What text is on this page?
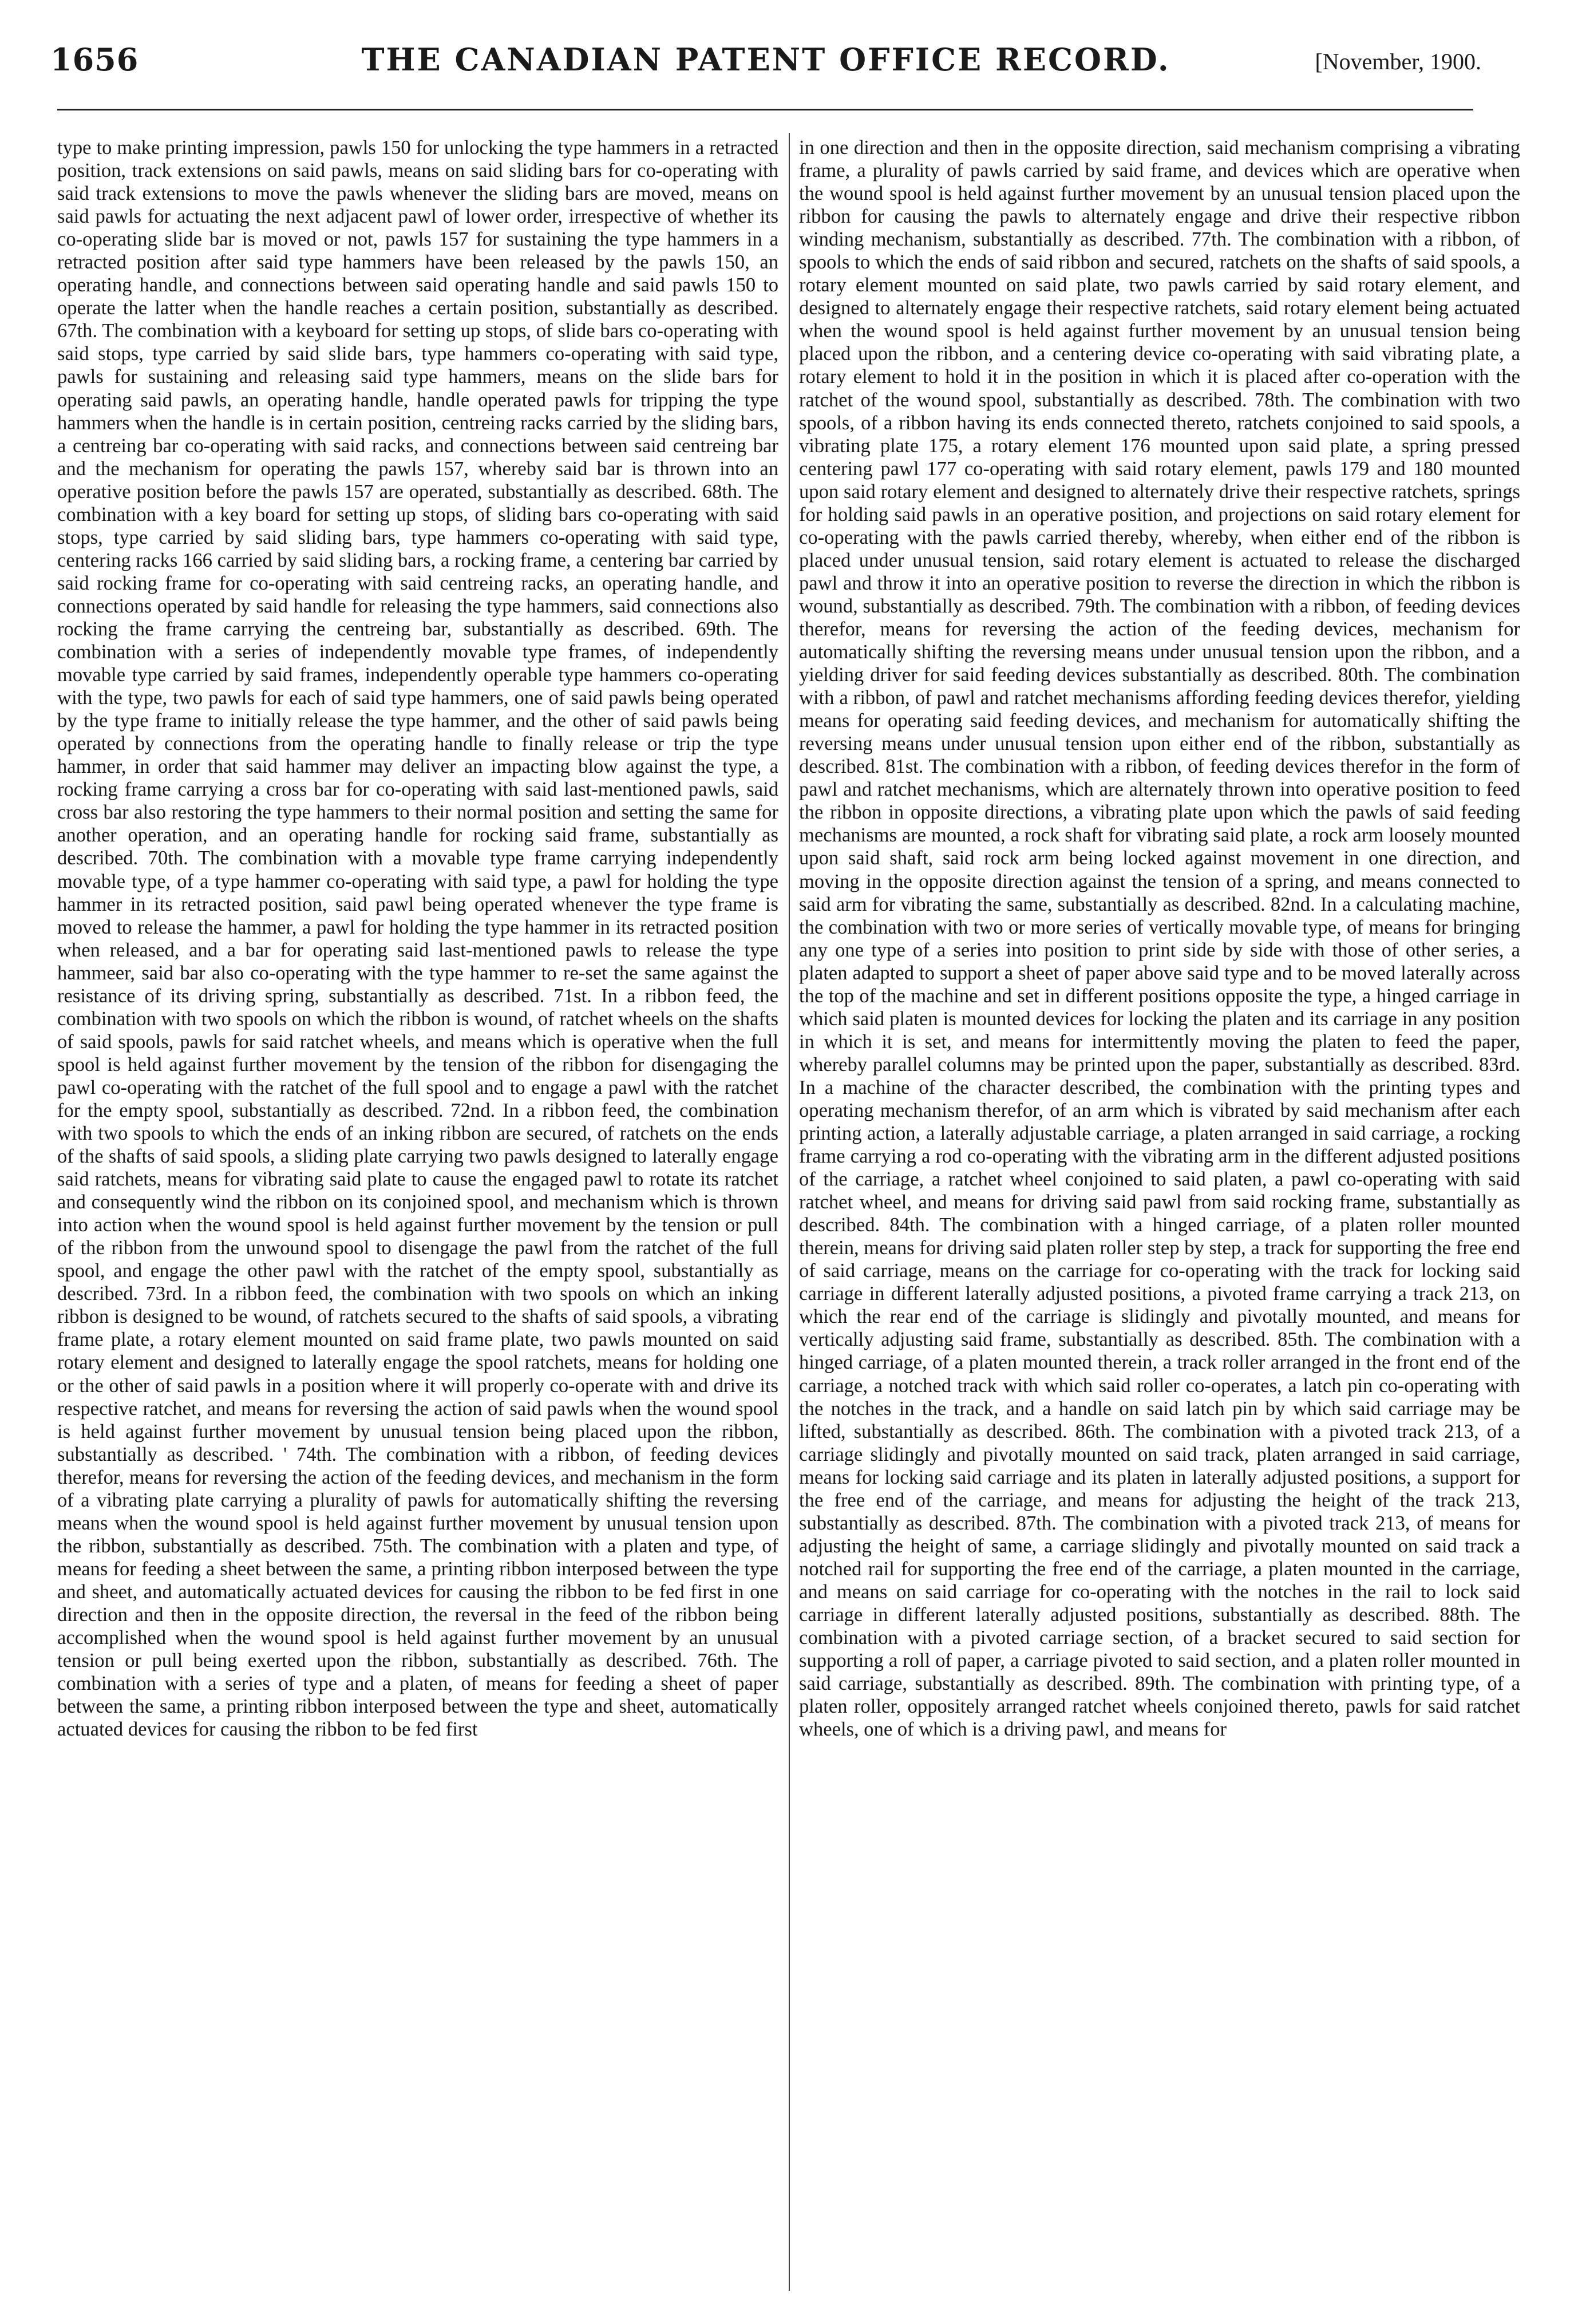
1656	THE CANADIAN PATENT OFFICE RECORD.	[November, 1900.

type to make printing impression, pawls 150 for unlocking the type hammers in a retracted position, track extensions on said pawls, means on said sliding bars for co-operating with said track extensions to move the pawls whenever the sliding bars are moved, means on said pawls for actuating the next adjacent pawl of lower order, irrespective of whether its co-operating slide bar is moved or not, pawls 157 for sustaining the type hammers in a retracted position after said type hammers have been released by the pawls 150, an operating handle, and connections between said operating handle and said pawls 150 to operate the latter when the handle reaches a certain position, substantially as described. 67th. The combination with a keyboard for setting up stops, of slide bars co-operating with said stops, type carried by said slide bars, type hammers co-operating with said type, pawls for sustaining and releasing said type hammers, means on the slide bars for operating said pawls, an operating handle, handle operated pawls for tripping the type hammers when the handle is in certain position, centreing racks carried by the sliding bars, a centreing bar co-operating with said racks, and connections between said centreing bar and the mechanism for operating the pawls 157, whereby said bar is thrown into an operative position before the pawls 157 are operated, substantially as described. 68th. The combination with a key board for setting up stops, of sliding bars co-operating with said stops, type carried by said sliding bars, type hammers co-operating with said type, centering racks 166 carried by said sliding bars, a rocking frame, a centering bar carried by said rocking frame for co-operating with said centreing racks, an operating handle, and connections operated by said handle for releasing the type hammers, said connections also rocking the frame carrying the centreing bar, substantially as described. 69th. The combination with a series of independently movable type frames, of independently movable type carried by said frames, independently operable type hammers co-operating with the type, two pawls for each of said type hammers, one of said pawls being operated by the type frame to initially release the type hammer, and the other of said pawls being operated by connections from the operating handle to finally release or trip the type hammer, in order that said hammer may deliver an impacting blow against the type, a rocking frame carrying a cross bar for co-operating with said last-mentioned pawls, said cross bar also restoring the type hammers to their normal position and setting the same for another operation, and an operating handle for rocking said frame, substantially as described. 70th. The combination with a movable type frame carrying independently movable type, of a type hammer co-operating with said type, a pawl for holding the type hammer in its retracted position, said pawl being operated whenever the type frame is moved to release the hammer, a pawl for holding the type hammer in its retracted position when released, and a bar for operating said last-mentioned pawls to release the type hammeer, said bar also co-operating with the type hammer to re-set the same against the resistance of its driving spring, substantially as described. 71st. In a ribbon feed, the combination with two spools on which the ribbon is wound, of ratchet wheels on the shafts of said spools, pawls for said ratchet wheels, and means which is operative when the full spool is held against further movement by the tension of the ribbon for disengaging the pawl co-operating with the ratchet of the full spool and to engage a pawl with the ratchet for the empty spool, substantially as described. 72nd. In a ribbon feed, the combination with two spools to which the ends of an inking ribbon are secured, of ratchets on the ends of the shafts of said spools, a sliding plate carrying two pawls designed to laterally engage said ratchets, means for vibrating said plate to cause the engaged pawl to rotate its ratchet and consequently wind the ribbon on its conjoined spool, and mechanism which is thrown into action when the wound spool is held against further movement by the tension or pull of the ribbon from the unwound spool to disengage the pawl from the ratchet of the full spool, and engage the other pawl with the ratchet of the empty spool, substantially as described. 73rd. In a ribbon feed, the combination with two spools on which an inking ribbon is designed to be wound, of ratchets secured to the shafts of said spools, a vibrating frame plate, a rotary element mounted on said frame plate, two pawls mounted on said rotary element and designed to laterally engage the spool ratchets, means for holding one or the other of said pawls in a position where it will properly co-operate with and drive its respective ratchet, and means for reversing the action of said pawls when the wound spool is held against further movement by unusual tension being placed upon the ribbon, substantially as described. ' 74th. The combination with a ribbon, of feeding devices therefor, means for reversing the action of the feeding devices, and mechanism in the form of a vibrating plate carrying a plurality of pawls for automatically shifting the reversing means when the wound spool is held against further movement by unusual tension upon the ribbon, substantially as described. 75th. The combination with a platen and type, of means for feeding a sheet between the same, a printing ribbon interposed between the type and sheet, and automatically actuated devices for causing the ribbon to be fed first in one direction and then in the opposite direction, the reversal in the feed of the ribbon being accomplished when the wound spool is held against further movement by an unusual tension or pull being exerted upon the ribbon, substantially as described. 76th. The combination with a series of type and a platen, of means for feeding a sheet of paper between the same, a printing ribbon interposed between the type and sheet, automatically actuated devices for causing the ribbon to be fed first

in one direction and then in the opposite direction, said mechanism comprising a vibrating frame, a plurality of pawls carried by said frame, and devices which are operative when the wound spool is held against further movement by an unusual tension placed upon the ribbon for causing the pawls to alternately engage and drive their respective ribbon winding mechanism, substantially as described. 77th. The combination with a ribbon, of spools to which the ends of said ribbon and secured, ratchets on the shafts of said spools, a rotary element mounted on said plate, two pawls carried by said rotary element, and designed to alternately engage their respective ratchets, said rotary element being actuated when the wound spool is held against further movement by an unusual tension being placed upon the ribbon, and a centering device co-operating with said vibrating plate, a rotary element to hold it in the position in which it is placed after co-operation with the ratchet of the wound spool, substantially as described. 78th. The combination with two spools, of a ribbon having its ends connected thereto, ratchets conjoined to said spools, a vibrating plate 175, a rotary element 176 mounted upon said plate, a spring pressed centering pawl 177 co-operating with said rotary element, pawls 179 and 180 mounted upon said rotary element and designed to alternately drive their respective ratchets, springs for holding said pawls in an operative position, and projections on said rotary element for co-operating with the pawls carried thereby, whereby, when either end of the ribbon is placed under unusual tension, said rotary element is actuated to release the discharged pawl and throw it into an operative position to reverse the direction in which the ribbon is wound, substantially as described. 79th. The combination with a ribbon, of feeding devices therefor, means for reversing the action of the feeding devices, mechanism for automatically shifting the reversing means under unusual tension upon the ribbon, and a yielding driver for said feeding devices substantially as described. 80th. The combination with a ribbon, of pawl and ratchet mechanisms affording feeding devices therefor, yielding means for operating said feeding devices, and mechanism for automatically shifting the reversing means under unusual tension upon either end of the ribbon, substantially as described. 81st. The combination with a ribbon, of feeding devices therefor in the form of pawl and ratchet mechanisms, which are alternately thrown into operative position to feed the ribbon in opposite directions, a vibrating plate upon which the pawls of said feeding mechanisms are mounted, a rock shaft for vibrating said plate, a rock arm loosely mounted upon said shaft, said rock arm being locked against movement in one direction, and moving in the opposite direction against the tension of a spring, and means connected to said arm for vibrating the same, substantially as described. 82nd. In a calculating machine, the combination with two or more series of vertically movable type, of means for bringing any one type of a series into position to print side by side with those of other series, a platen adapted to support a sheet of paper above said type and to be moved laterally across the top of the machine and set in different positions opposite the type, a hinged carriage in which said platen is mounted devices for locking the platen and its carriage in any position in which it is set, and means for intermittently moving the platen to feed the paper, whereby parallel columns may be printed upon the paper, substantially as described. 83rd. In a machine of the character described, the combination with the printing types and operating mechanism therefor, of an arm which is vibrated by said mechanism after each printing action, a laterally adjustable carriage, a platen arranged in said carriage, a rocking frame carrying a rod co-operating with the vibrating arm in the different adjusted positions of the carriage, a ratchet wheel conjoined to said platen, a pawl co-operating with said ratchet wheel, and means for driving said pawl from said rocking frame, substantially as described. 84th. The combination with a hinged carriage, of a platen roller mounted therein, means for driving said platen roller step by step, a track for supporting the free end of said carriage, means on the carriage for co-operating with the track for locking said carriage in different laterally adjusted positions, a pivoted frame carrying a track 213, on which the rear end of the carriage is slidingly and pivotally mounted, and means for vertically adjusting said frame, substantially as described. 85th. The combination with a hinged carriage, of a platen mounted therein, a track roller arranged in the front end of the carriage, a notched track with which said roller co-operates, a latch pin co-operating with the notches in the track, and a handle on said latch pin by which said carriage may be lifted, substantially as described. 86th. The combination with a pivoted track 213, of a carriage slidingly and pivotally mounted on said track, platen arranged in said carriage, means for locking said carriage and its platen in laterally adjusted positions, a support for the free end of the carriage, and means for adjusting the height of the track 213, substantially as described. 87th. The combination with a pivoted track 213, of means for adjusting the height of same, a carriage slidingly and pivotally mounted on said track a notched rail for supporting the free end of the carriage, a platen mounted in the carriage, and means on said carriage for co-operating with the notches in the rail to lock said carriage in different laterally adjusted positions, substantially as described. 88th. The combination with a pivoted carriage section, of a bracket secured to said section for supporting a roll of paper, a carriage pivoted to said section, and a platen roller mounted in said carriage, substantially as described. 89th. The combination with printing type, of a platen roller, oppositely arranged ratchet wheels conjoined thereto, pawls for said ratchet wheels, one of which is a driving pawl, and means for
